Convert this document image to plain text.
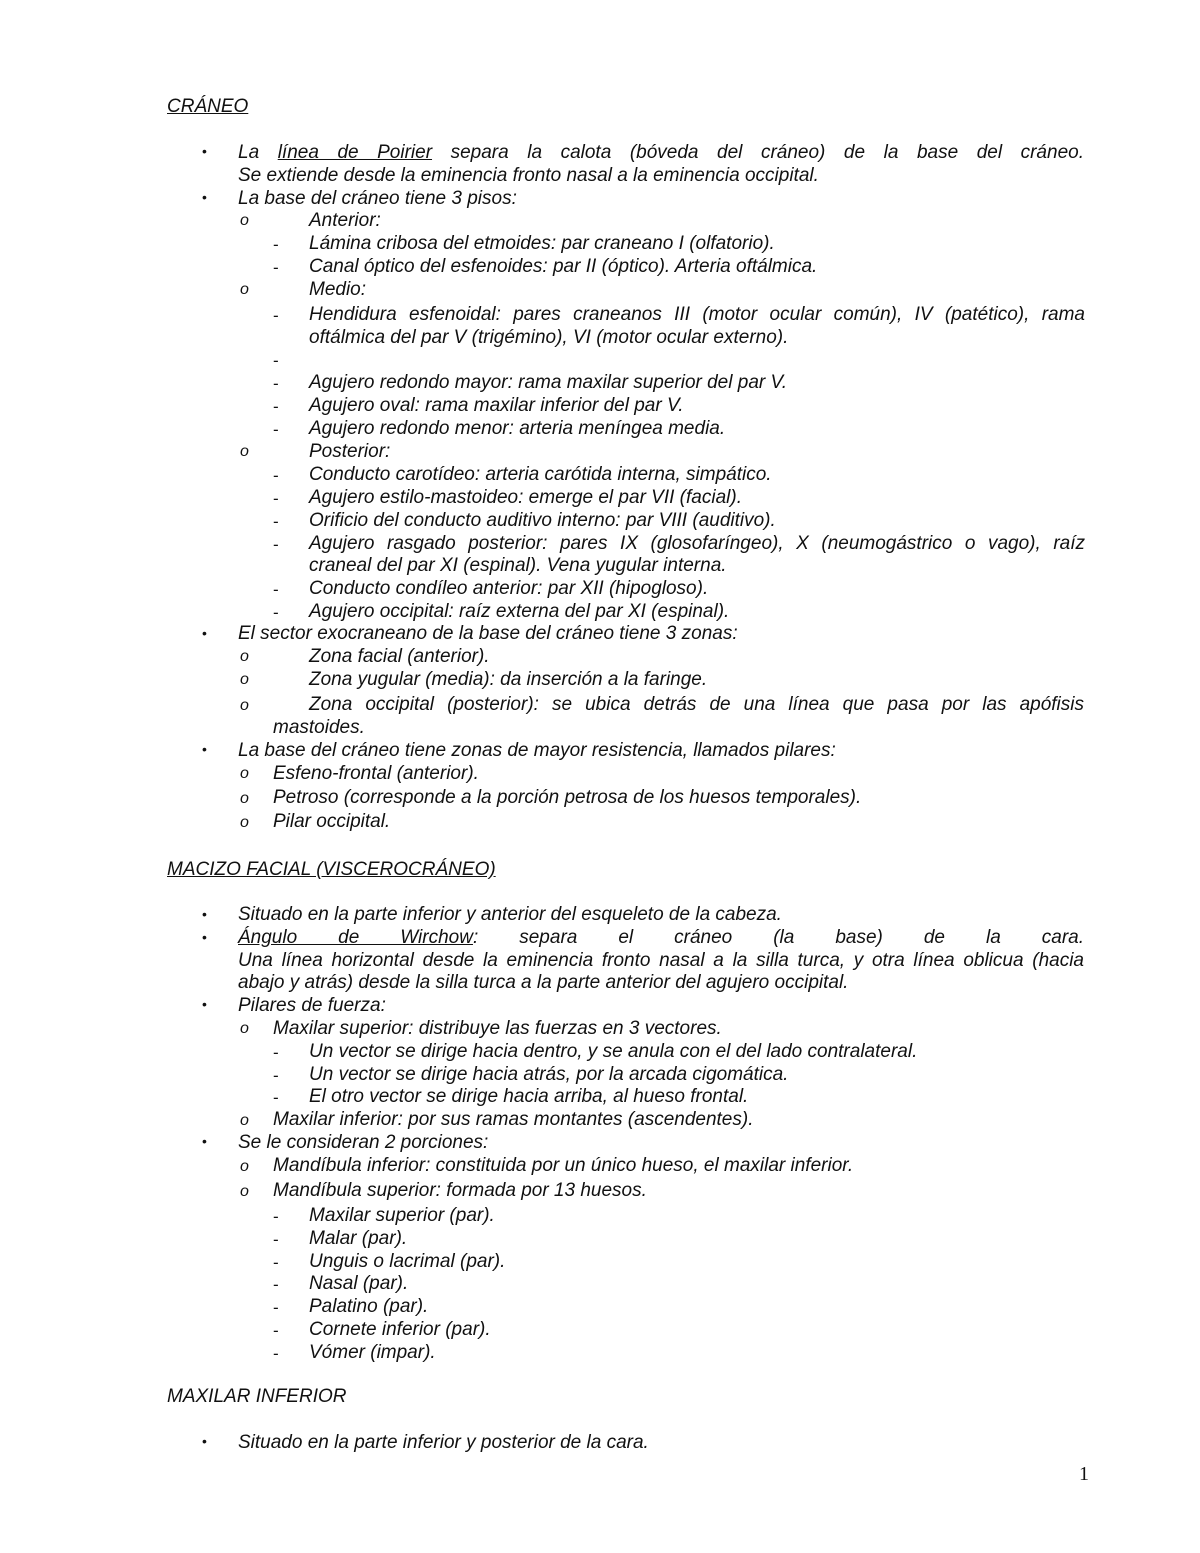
CRÁNEO
• La línea de Poirier separa la calota (bóveda del cráneo) de la base del cráneo.
Se extiende desde la eminencia fronto nasal a la eminencia occipital.
• La base del cráneo tiene 3 pisos:
o	Anterior:
- Lámina cribosa del etmoides: par craneano I (olfatorio).
- Canal óptico del esfenoides: par II (óptico). Arteria oftálmica.
o	Medio:
- Hendidura esfenoidal: pares craneanos III (motor ocular común), IV (patético), rama
oftálmica del par V (trigémino), VI (motor ocular externo).
-
- Agujero redondo mayor: rama maxilar superior del par V.
- Agujero oval: rama maxilar inferior del par V.
- Agujero redondo menor: arteria meníngea media.
o	Posterior:
- Conducto carotídeo: arteria carótida interna, simpático.
- Agujero estilo-mastoideo: emerge el par VII (facial).
- Orificio del conducto auditivo interno: par VIII (auditivo).
- Agujero rasgado posterior: pares IX (glosofaríngeo), X (neumogástrico o vago), raíz
craneal del par XI (espinal). Vena yugular interna.
- Conducto condíleo anterior: par XII (hipogloso).
- Agujero occipital: raíz externa del par XI (espinal).
• El sector exocraneano de la base del cráneo tiene 3 zonas:
o	Zona facial (anterior).
o	Zona yugular (media): da inserción a la faringe.
o	Zona occipital (posterior): se ubica detrás de una línea que pasa por las apófisis
mastoides.
• La base del cráneo tiene zonas de mayor resistencia, llamados pilares:
o Esfeno-frontal (anterior).
o Petroso (corresponde a la porción petrosa de los huesos temporales).
o Pilar occipital.
MACIZO FACIAL (VISCEROCRÁNEO)
• Situado en la parte inferior y anterior del esqueleto de la cabeza.
• Ángulo de Wirchow: separa el cráneo (la base) de la cara.
Una línea horizontal desde la eminencia fronto nasal a la silla turca, y otra línea oblicua (hacia
abajo y atrás) desde la silla turca a la parte anterior del agujero occipital.
• Pilares de fuerza:
o Maxilar superior: distribuye las fuerzas en 3 vectores.
- Un vector se dirige hacia dentro, y se anula con el del lado contralateral.
- Un vector se dirige hacia atrás, por la arcada cigomática.
- El otro vector se dirige hacia arriba, al hueso frontal.
o Maxilar inferior: por sus ramas montantes (ascendentes).
• Se le consideran 2 porciones:
o Mandíbula inferior: constituida por un único hueso, el maxilar inferior.
o Mandíbula superior: formada por 13 huesos.
- Maxilar superior (par).
- Malar (par).
- Unguis o lacrimal (par).
- Nasal (par).
- Palatino (par).
- Cornete inferior (par).
- Vómer (impar).
MAXILAR INFERIOR
• Situado en la parte inferior y posterior de la cara.
1
